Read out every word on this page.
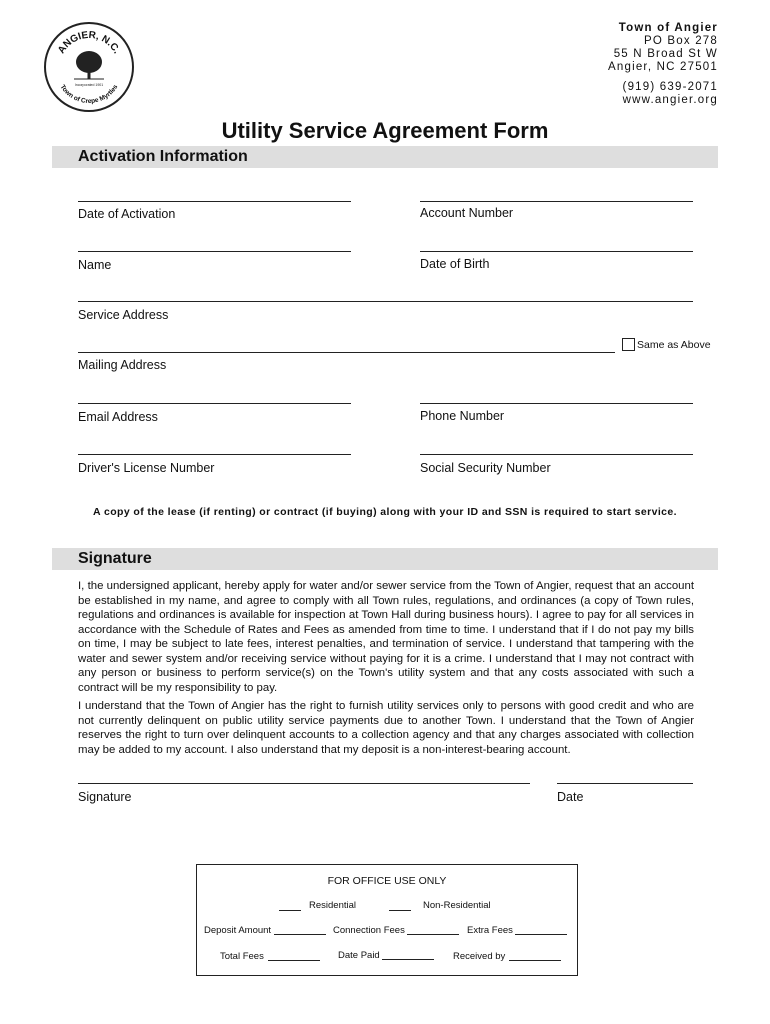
ANGIER, N.C.
Town of Crepe Myrtles
Incorporated 1901
Town of Angier
PO Box 278
55 N Broad St W
Angier, NC 27501
(919) 639-2071
www.angier.org
Utility Service Agreement Form
Activation Information
Date of Activation	Account Number
Name	Date of Birth
Service Address
Same as Above
Mailing Address
Email Address	Phone Number
Driver's License Number	Social Security Number
A copy of the lease (if renting) or contract (if buying) along with your ID and SSN is required to start service.
Signature
I, the undersigned applicant, hereby apply for water and/or sewer service from the Town of Angier, request that an account be established in my name, and agree to comply with all Town rules, regulations, and ordinances (a copy of Town rules, regulations and ordinances is available for inspection at Town Hall during business hours). I agree to pay for all services in accordance with the Schedule of Rates and Fees as amended from time to time. I understand that if I do not pay my bills on time, I may be subject to late fees, interest penalties, and termination of service. I understand that tampering with the water and sewer system and/or receiving service without paying for it is a crime. I understand that I may not contract with any person or business to perform service(s) on the Town's utility system and that any costs associated with such a contract will be my responsibility to pay.
I understand that the Town of Angier has the right to furnish utility services only to persons with good credit and who are not currently delinquent on public utility service payments due to another Town. I understand that the Town of Angier reserves the right to turn over delinquent accounts to a collection agency and that any charges associated with collection may be added to my account. I also understand that my deposit is a non-interest-bearing account.
Signature	Date
FOR OFFICE USE ONLY
Residential	Non-Residential
Deposit Amount	Connection Fees	Extra Fees
Total Fees	Date Paid	Received by
